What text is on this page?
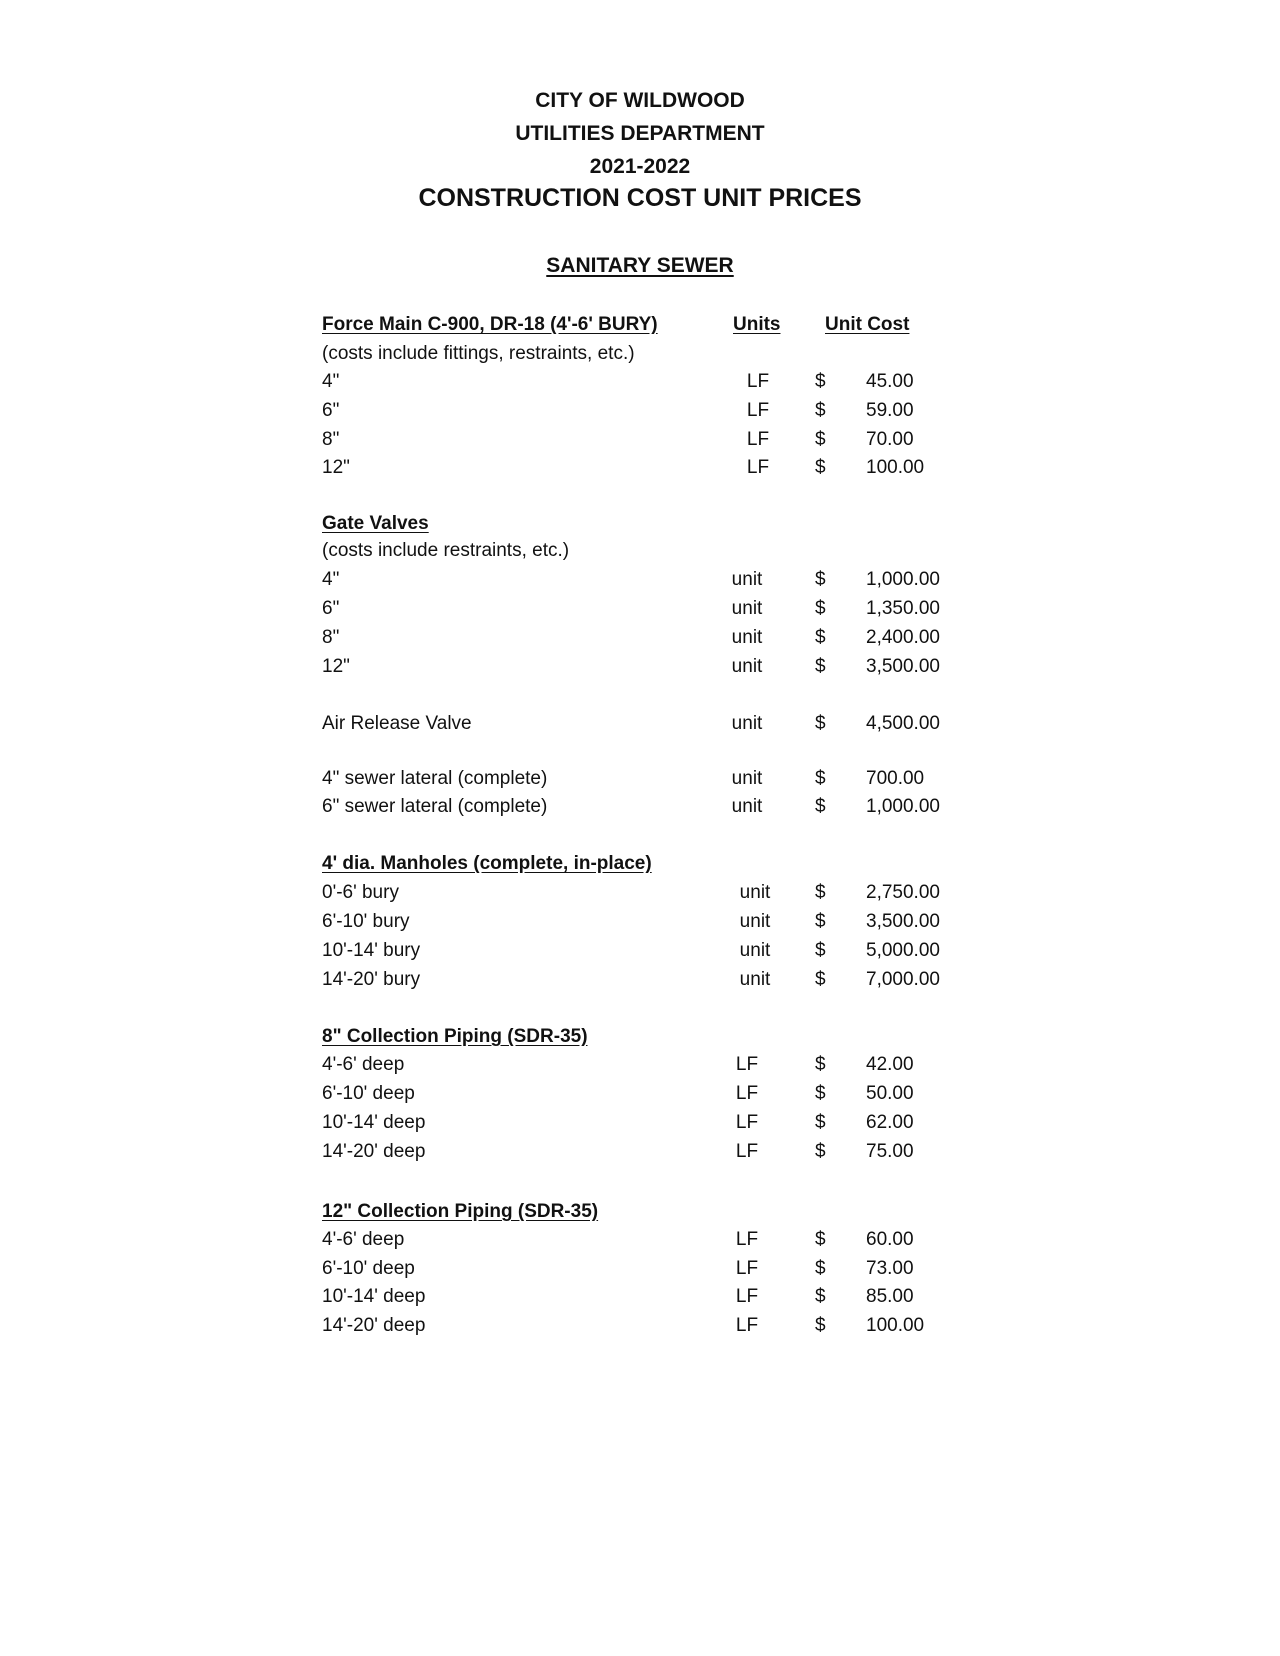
CITY OF WILDWOOD
UTILITIES DEPARTMENT
2021-2022
CONSTRUCTION COST UNIT PRICES
SANITARY SEWER
Force Main C-900, DR-18 (4'-6' BURY)	Units Unit Cost
(costs include fittings, restraints, etc.)
4"	LF $ 45.00
6"	LF $ 59.00
8"	LF $ 70.00
12"	LF $ 100.00
Gate Valves
(costs include restraints, etc.)
4"	unit	$ 1,000.00
6"	unit	$ 1,350.00
8"	unit	$ 2,400.00
12"	unit	$ 3,500.00
Air Release Valve	unit	$ 4,500.00
4" sewer lateral (complete)	unit	$ 700.00
6" sewer lateral (complete)	unit	$ 1,000.00
4' dia. Manholes (complete, in-place)
0'-6' bury	unit $ 2,750.00
6'-10' bury	unit $ 3,500.00
10'-14' bury	unit $ 5,000.00
14'-20' bury	unit $ 7,000.00
8" Collection Piping (SDR-35)
4'-6' deep	LF	$ 42.00
6'-10' deep	LF	$ 50.00
10'-14' deep	LF	$ 62.00
14'-20' deep	LF	$ 75.00
12" Collection Piping (SDR-35)
4'-6' deep	LF	$ 60.00
6'-10' deep	LF	$ 73.00
10'-14' deep	LF	$ 85.00
14'-20' deep	LF	$ 100.00
